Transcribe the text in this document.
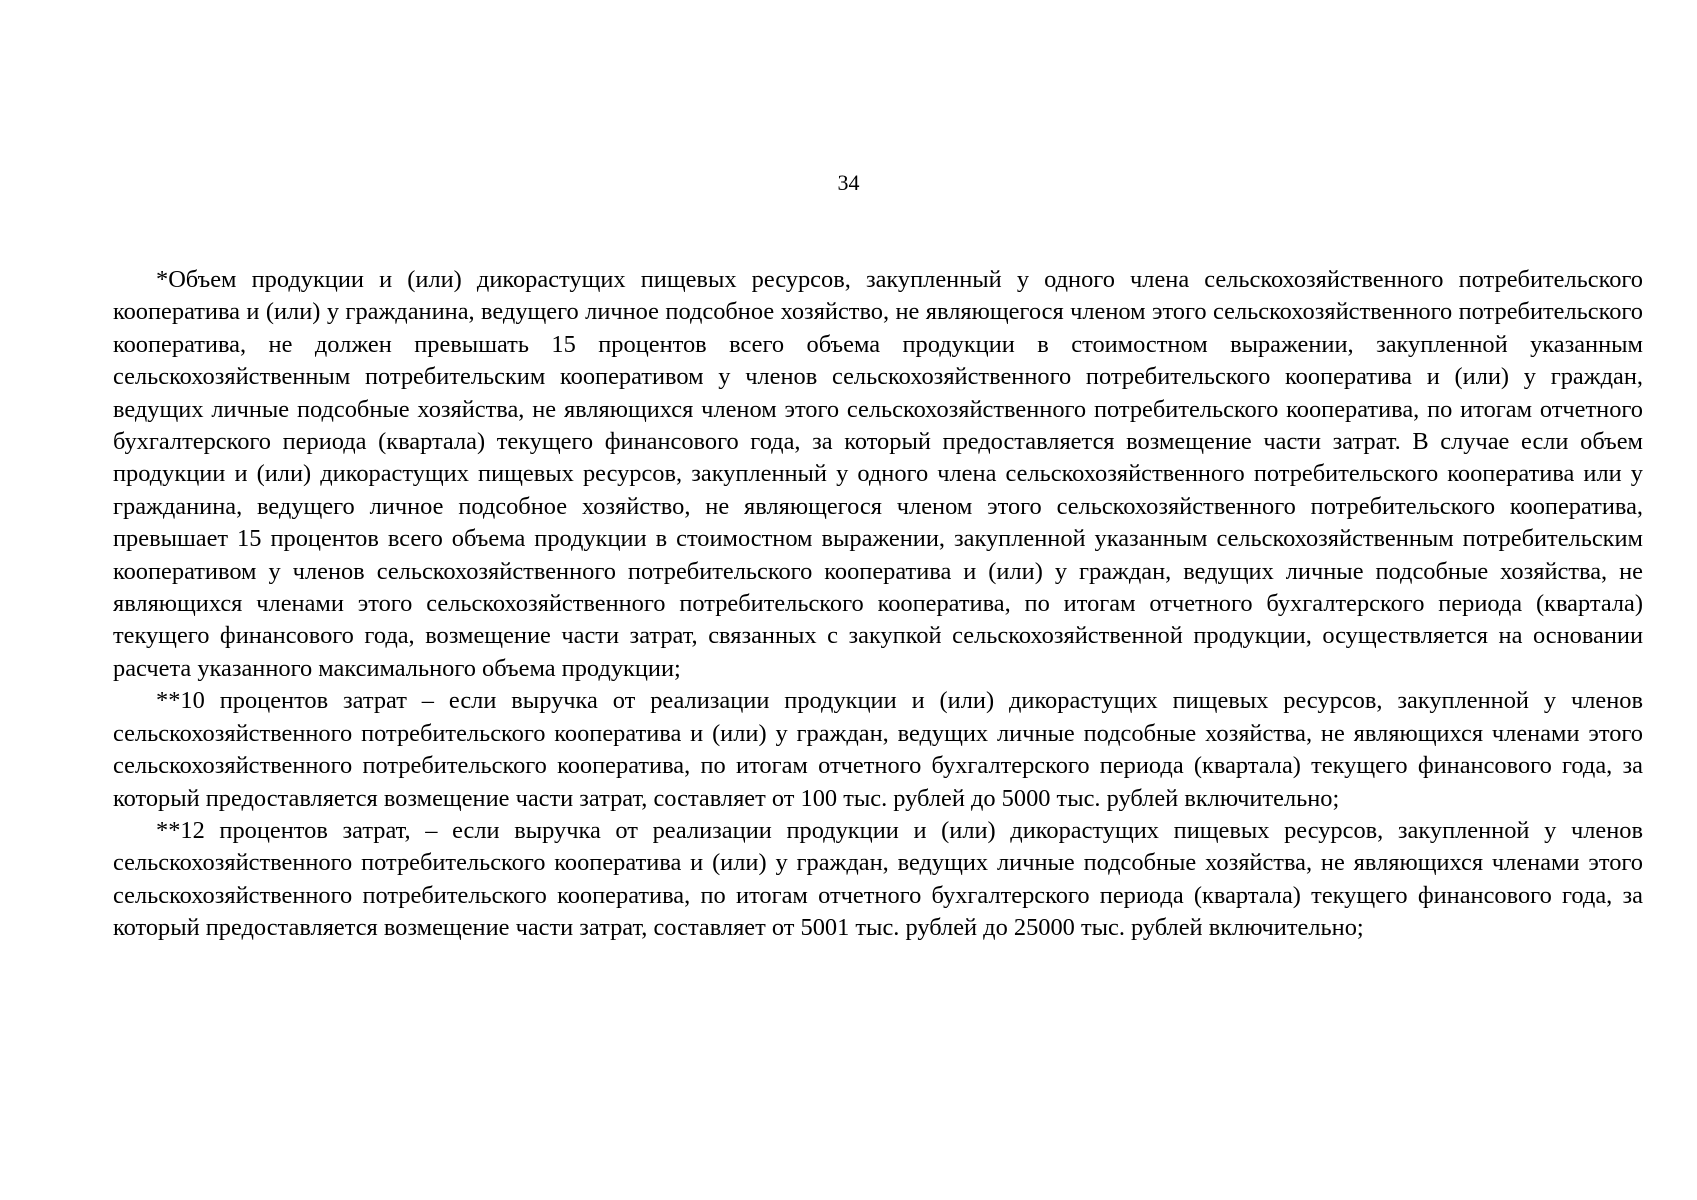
34

*Объем продукции и (или) дикорастущих пищевых ресурсов, закупленный у одного члена сельскохозяйственного потребительского кооператива и (или) у гражданина, ведущего личное подсобное хозяйство, не являющегося членом этого сельскохозяйственного потребительского кооператива, не должен превышать 15 процентов всего объема продукции в стоимостном выражении, закупленной указанным сельскохозяйственным потребительским кооперативом у членов сельскохозяйственного потребительского кооператива и (или) у граждан, ведущих личные подсобные хозяйства, не являющихся членом этого сельскохозяйственного потребительского кооператива, по итогам отчетного бухгалтерского периода (квартала) текущего финансового года, за который предоставляется возмещение части затрат. В случае если объем продукции и (или) дикорастущих пищевых ресурсов, закупленный у одного члена сельскохозяйственного потребительского кооператива или у гражданина, ведущего личное подсобное хозяйство, не являющегося членом этого сельскохозяйственного потребительского кооператива, превышает 15 процентов всего объема продукции в стоимостном выражении, закупленной указанным сельскохозяйственным потребительским кооперативом у членов сельскохозяйственного потребительского кооператива и (или) у граждан, ведущих личные подсобные хозяйства, не являющихся членами этого сельскохозяйственного потребительского кооператива, по итогам отчетного бухгалтерского периода (квартала) текущего финансового года, возмещение части затрат, связанных с закупкой сельскохозяйственной продукции, осуществляется на основании расчета указанного максимального объема продукции;

**10 процентов затрат – если выручка от реализации продукции и (или) дикорастущих пищевых ресурсов, закупленной у членов сельскохозяйственного потребительского кооператива и (или) у граждан, ведущих личные подсобные хозяйства, не являющихся членами этого сельскохозяйственного потребительского кооператива, по итогам отчетного бухгалтерского периода (квартала) текущего финансового года, за который предоставляется возмещение части затрат, составляет от 100 тыс. рублей до 5000 тыс. рублей включительно;

**12 процентов затрат, – если выручка от реализации продукции и (или) дикорастущих пищевых ресурсов, закупленной у членов сельскохозяйственного потребительского кооператива и (или) у граждан, ведущих личные подсобные хозяйства, не являющихся членами этого сельскохозяйственного потребительского кооператива, по итогам отчетного бухгалтерского периода (квартала) текущего финансового года, за который предоставляется возмещение части затрат, составляет от 5001 тыс. рублей до 25000 тыс. рублей включительно;
